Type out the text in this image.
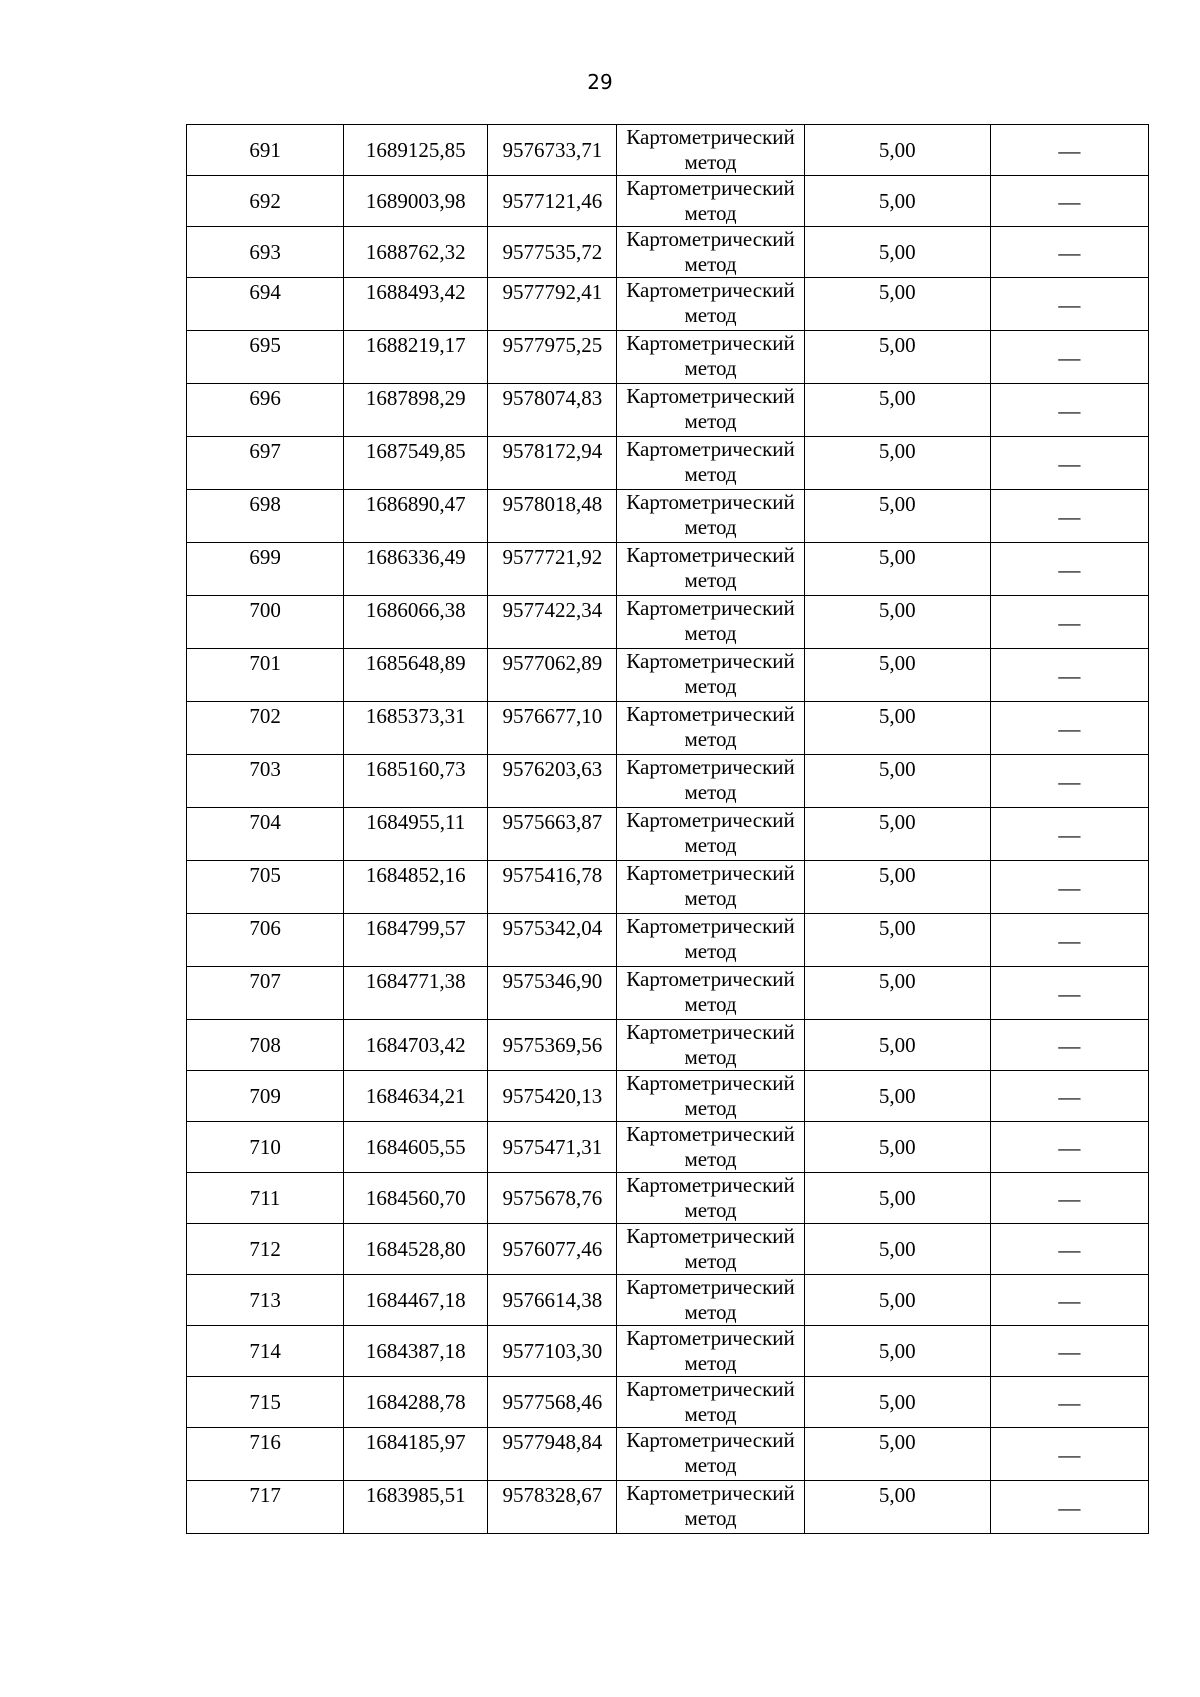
29
691	1689125,85	9576733,71	Картометрический
метод	5,00	—
692	1689003,98	9577121,46	Картометрический
метод	5,00	—
693	1688762,32	9577535,72	Картометрический
метод	5,00	—
694	1688493,42	9577792,41	Картометрический
метод	5,00	—
695	1688219,17	9577975,25	Картометрический
метод	5,00	—
696	1687898,29	9578074,83	Картометрический
метод	5,00	—
697	1687549,85	9578172,94	Картометрический
метод	5,00	—
698	1686890,47	9578018,48	Картометрический
метод	5,00	—
699	1686336,49	9577721,92	Картометрический
метод	5,00	—
700	1686066,38	9577422,34	Картометрический
метод	5,00	—
701	1685648,89	9577062,89	Картометрический
метод	5,00	—
702	1685373,31	9576677,10	Картометрический
метод	5,00	—
703	1685160,73	9576203,63	Картометрический
метод	5,00	—
704	1684955,11	9575663,87	Картометрический
метод	5,00	—
705	1684852,16	9575416,78	Картометрический
метод	5,00	—
706	1684799,57	9575342,04	Картометрический
метод	5,00	—
707	1684771,38	9575346,90	Картометрический
метод	5,00	—
708	1684703,42	9575369,56	Картометрический
метод	5,00	—
709	1684634,21	9575420,13	Картометрический
метод	5,00	—
710	1684605,55	9575471,31	Картометрический
метод	5,00	—
711	1684560,70	9575678,76	Картометрический
метод	5,00	—
712	1684528,80	9576077,46	Картометрический
метод	5,00	—
713	1684467,18	9576614,38	Картометрический
метод	5,00	—
714	1684387,18	9577103,30	Картометрический
метод	5,00	—
715	1684288,78	9577568,46	Картометрический
метод	5,00	—
716	1684185,97	9577948,84	Картометрический
метод	5,00	—
717	1683985,51	9578328,67	Картометрический
метод	5,00	—
